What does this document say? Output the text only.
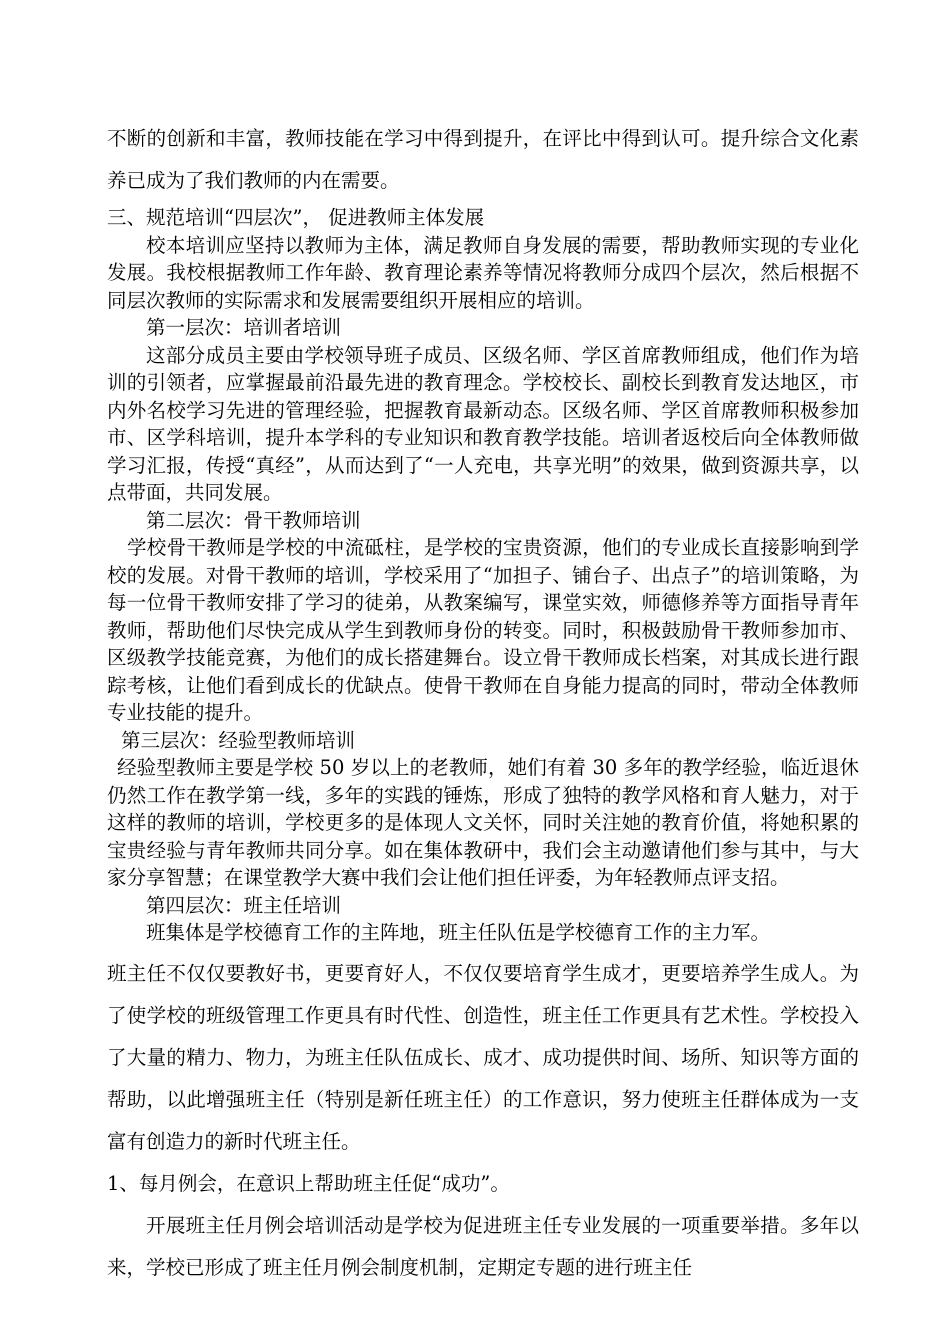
不断的创新和丰富，教师技能在学习中得到提升，在评比中得到认可。提升综合文化素养已成为了我们教师的内在需要。

三、规范培训“四层次”， 促进教师主体发展

校本培训应坚持以教师为主体，满足教师自身发展的需要，帮助教师实现的专业化发展。我校根据教师工作年龄、教育理论素养等情况将教师分成四个层次，然后根据不同层次教师的实际需求和发展需要组织开展相应的培训。

第一层次：培训者培训

这部分成员主要由学校领导班子成员、区级名师、学区首席教师组成，他们作为培训的引领者，应掌握最前沿最先进的教育理念。学校校长、副校长到教育发达地区，市内外名校学习先进的管理经验，把握教育最新动态。区级名师、学区首席教师积极参加市、区学科培训，提升本学科的专业知识和教育教学技能。培训者返校后向全体教师做学习汇报，传授“真经”，从而达到了“一人充电，共享光明”的效果，做到资源共享，以点带面，共同发展。

第二层次：骨干教师培训

学校骨干教师是学校的中流砥柱，是学校的宝贵资源，他们的专业成长直接影响到学校的发展。对骨干教师的培训，学校采用了“加担子、铺台子、出点子”的培训策略，为每一位骨干教师安排了学习的徒弟，从教案编写，课堂实效，师德修养等方面指导青年教师，帮助他们尽快完成从学生到教师身份的转变。同时，积极鼓励骨干教师参加市、区级教学技能竞赛，为他们的成长搭建舞台。设立骨干教师成长档案，对其成长进行跟踪考核，让他们看到成长的优缺点。使骨干教师在自身能力提高的同时，带动全体教师专业技能的提升。

第三层次：经验型教师培训

经验型教师主要是学校 50 岁以上的老教师，她们有着 30 多年的教学经验，临近退休仍然工作在教学第一线，多年的实践的锤炼，形成了独特的教学风格和育人魅力，对于这样的教师的培训，学校更多的是体现人文关怀，同时关注她的教育价值，将她积累的宝贵经验与青年教师共同分享。如在集体教研中，我们会主动邀请他们参与其中，与大家分享智慧；在课堂教学大赛中我们会让他们担任评委，为年轻教师点评支招。

第四层次：班主任培训

班集体是学校德育工作的主阵地，班主任队伍是学校德育工作的主力军。

班主任不仅仅要教好书，更要育好人，不仅仅要培育学生成才，更要培养学生成人。为了使学校的班级管理工作更具有时代性、创造性，班主任工作更具有艺术性。学校投入了大量的精力、物力，为班主任队伍成长、成才、成功提供时间、场所、知识等方面的帮助，以此增强班主任（特别是新任班主任）的工作意识，努力使班主任群体成为一支富有创造力的新时代班主任。

1、每月例会，在意识上帮助班主任促“成功”。

开展班主任月例会培训活动是学校为促进班主任专业发展的一项重要举措。多年以来，学校已形成了班主任月例会制度机制，定期定专题的进行班主任
